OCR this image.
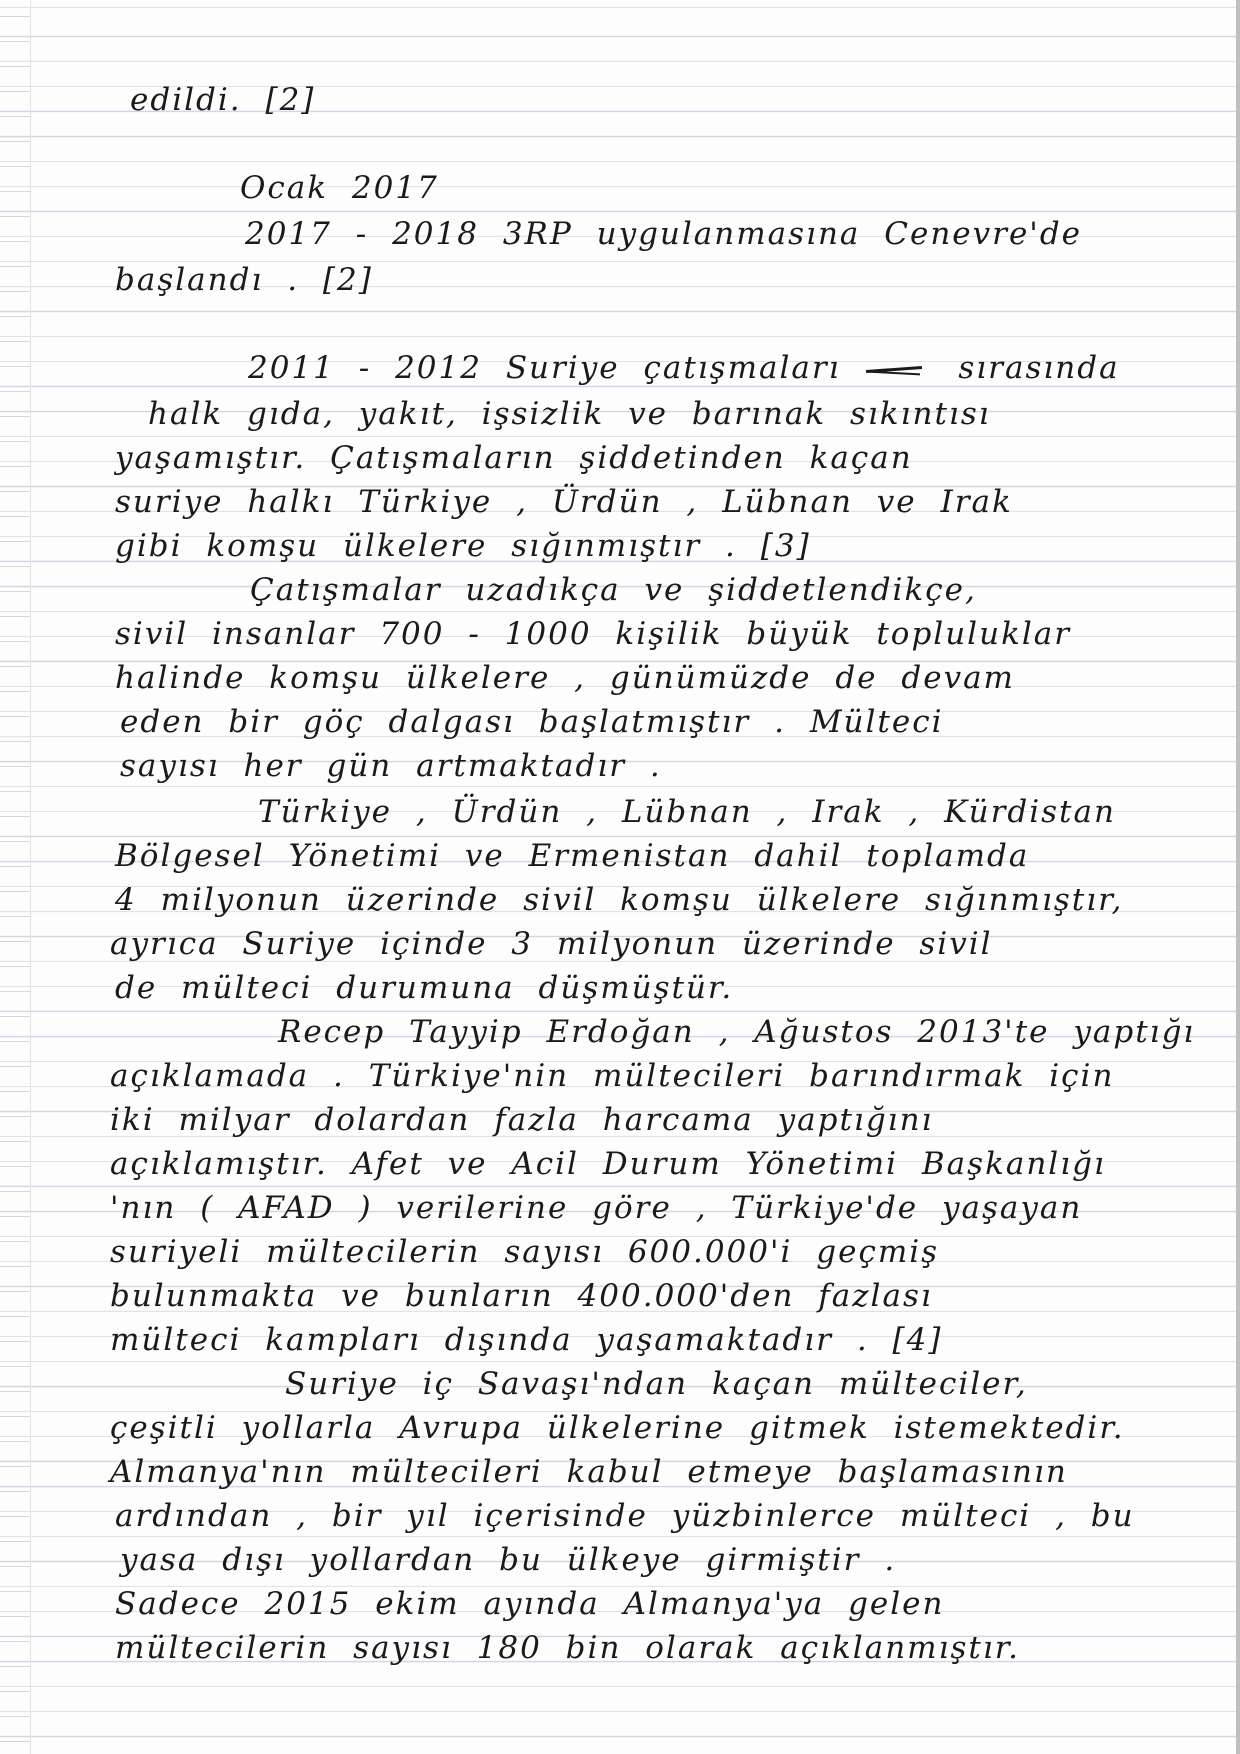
edildi. [2]
Ocak 2017
2017 - 2018 3RP uygulanmasına Cenevre'de
başlandı . [2]
2011 - 2012 Suriye çatışmaları	sırasında
halk gıda, yakıt, işsizlik ve barınak sıkıntısı
yaşamıştır. Çatışmaların şiddetinden kaçan
suriye halkı Türkiye , Ürdün , Lübnan ve Irak
gibi komşu ülkelere sığınmıştır . [3]
Çatışmalar uzadıkça ve şiddetlendikçe,
sivil insanlar 700 - 1000 kişilik büyük topluluklar
halinde komşu ülkelere , günümüzde de devam
eden bir göç dalgası başlatmıştır . Mülteci
sayısı her gün artmaktadır .
Türkiye , Ürdün , Lübnan , Irak , Kürdistan
Bölgesel Yönetimi ve Ermenistan dahil toplamda
4 milyonun üzerinde sivil komşu ülkelere sığınmıştır,
ayrıca Suriye içinde 3 milyonun üzerinde sivil
de mülteci durumuna düşmüştür.
Recep Tayyip Erdoğan , Ağustos 2013'te yaptığı
açıklamada . Türkiye'nin mültecileri barındırmak için
iki milyar dolardan fazla harcama yaptığını
açıklamıştır. Afet ve Acil Durum Yönetimi Başkanlığı
'nın ( AFAD ) verilerine göre , Türkiye'de yaşayan
suriyeli mültecilerin sayısı 600.000'i geçmiş
bulunmakta ve bunların 400.000'den fazlası
mülteci kampları dışında yaşamaktadır . [4]
Suriye iç Savaşı'ndan kaçan mülteciler,
çeşitli yollarla Avrupa ülkelerine gitmek istemektedir.
Almanya'nın mültecileri kabul etmeye başlamasının
ardından , bir yıl içerisinde yüzbinlerce mülteci , bu
yasa dışı yollardan bu ülkeye girmiştir .
Sadece 2015 ekim ayında Almanya'ya gelen
mültecilerin sayısı 180 bin olarak açıklanmıştır.
